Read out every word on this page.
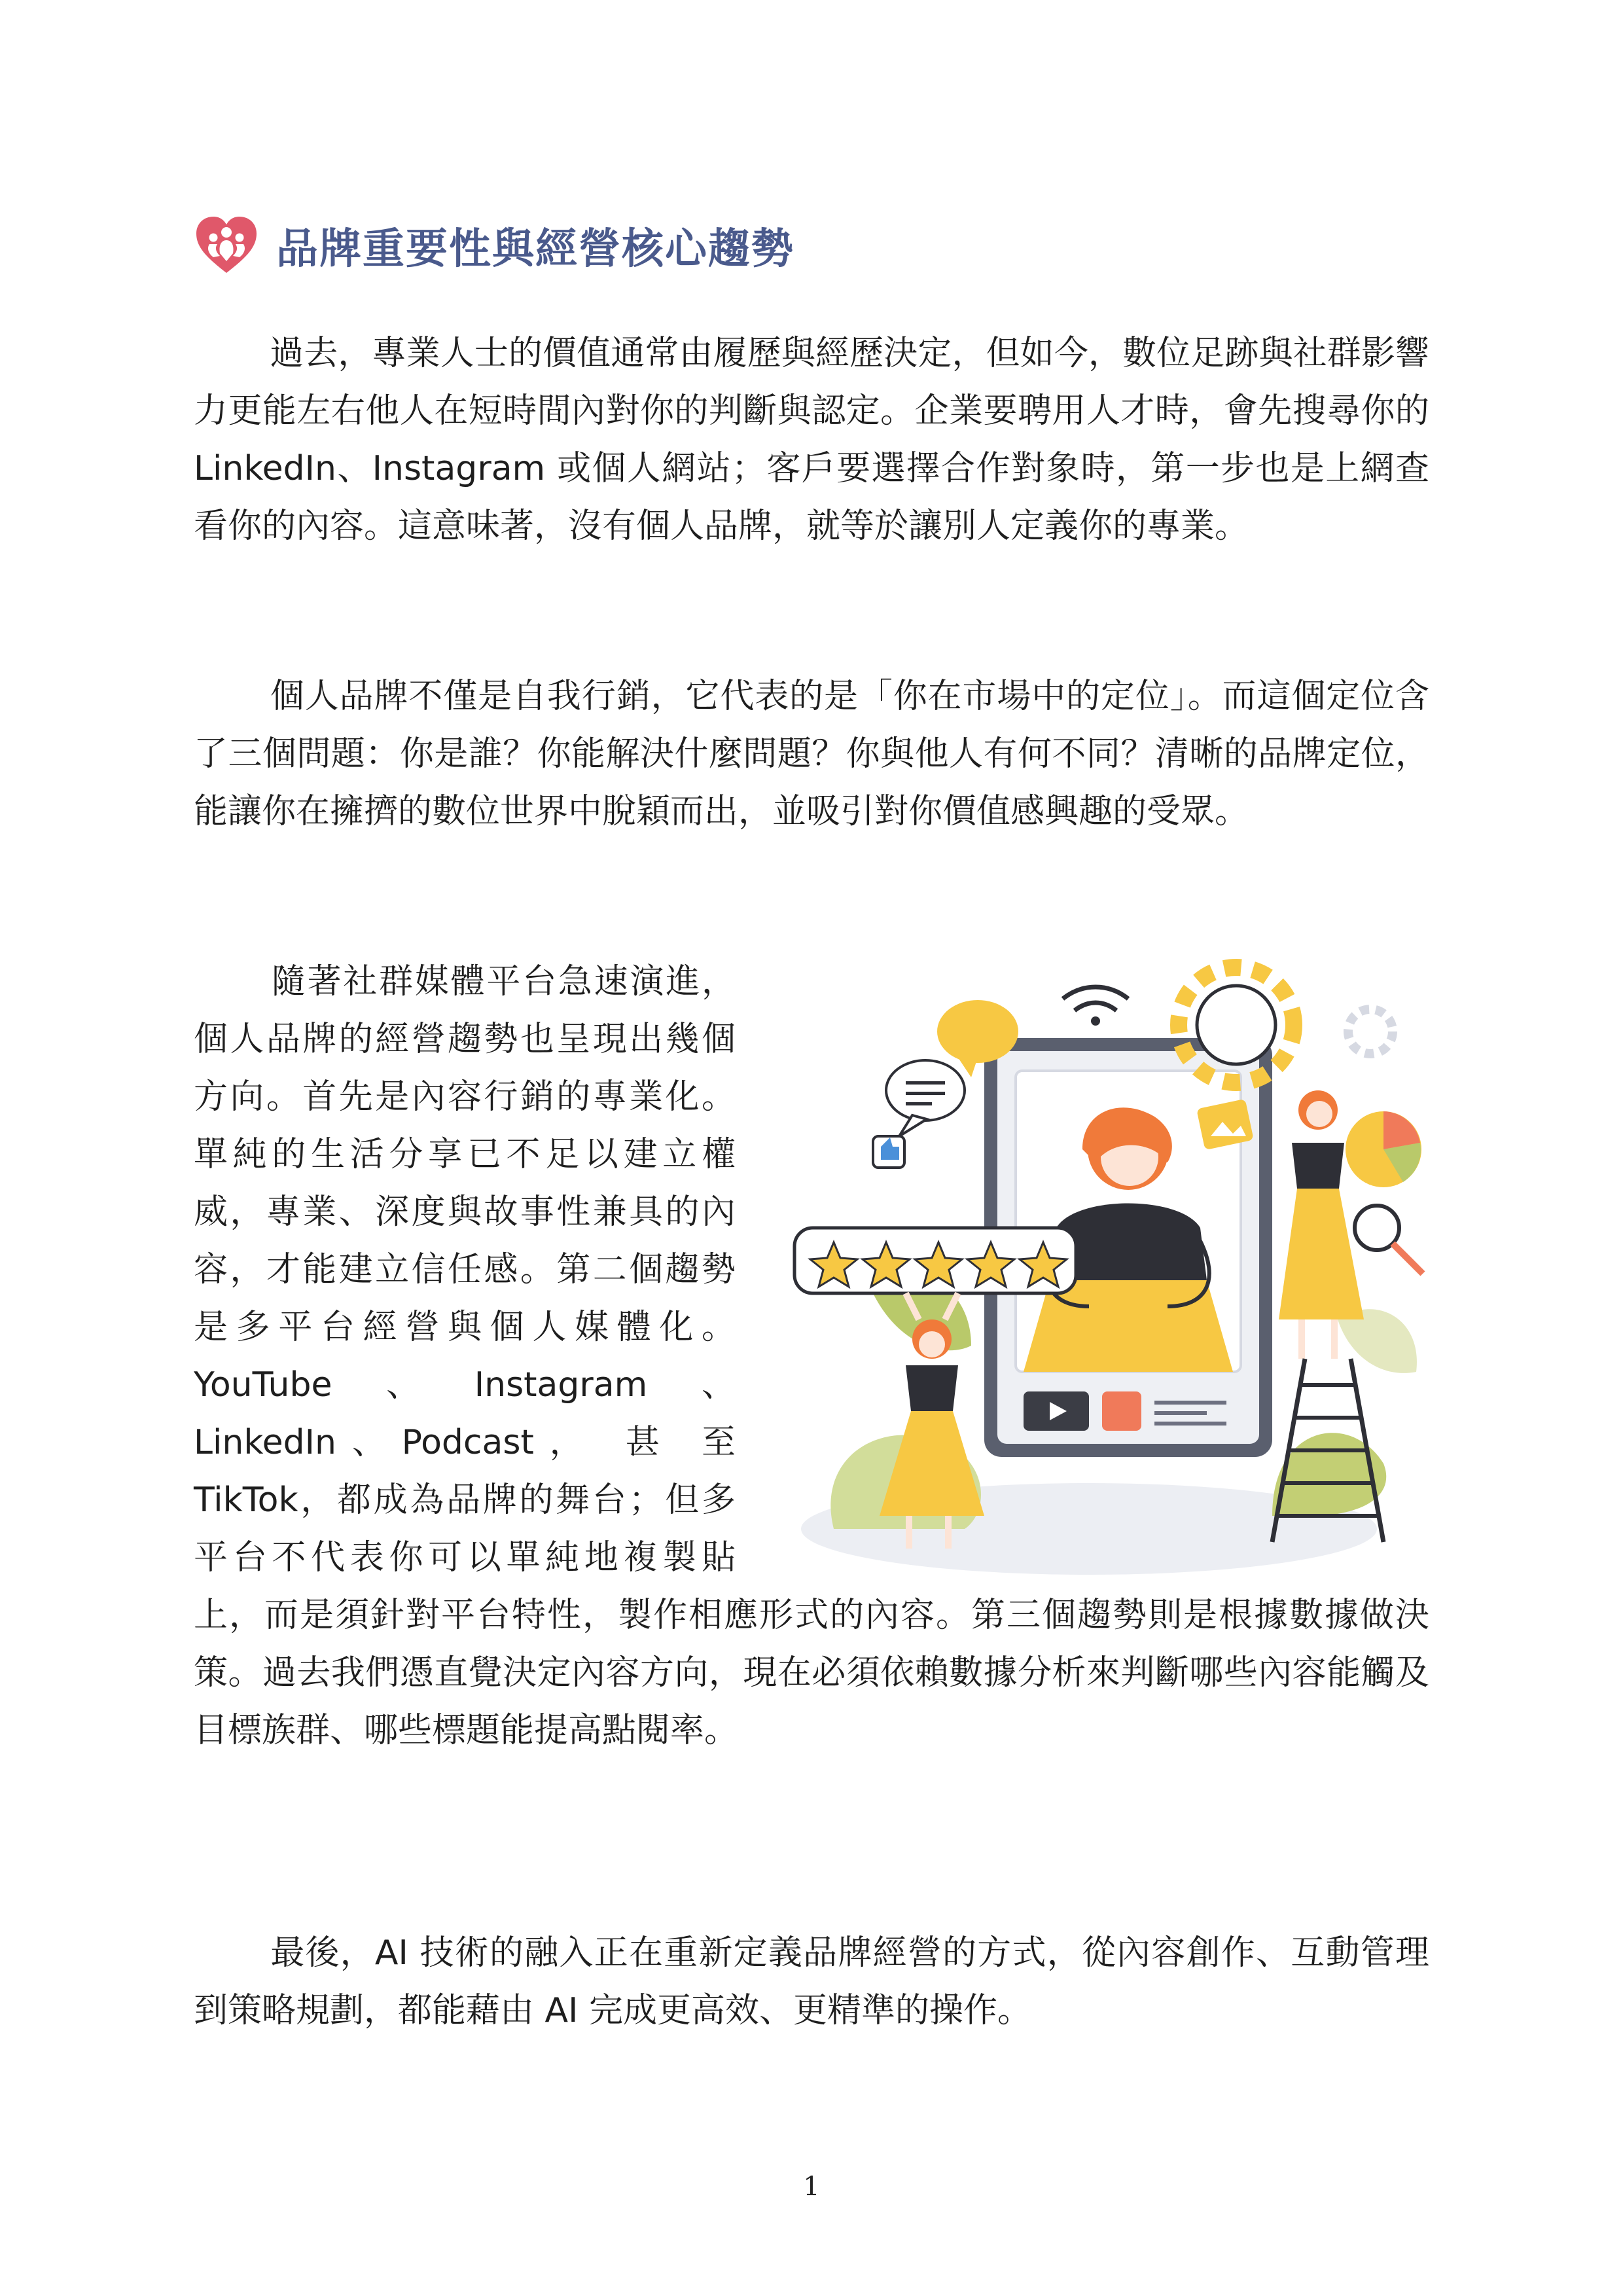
品牌重要性與經營核心趨勢

過去，專業人士的價值通常由履歷與經歷決定，但如今，數位足跡與社群影響力更能左右他人在短時間內對你的判斷與認定。企業要聘用人才時，會先搜尋你的 LinkedIn、Instagram 或個人網站；客戶要選擇合作對象時，第一步也是上網查看你的內容。這意味著，沒有個人品牌，就等於讓別人定義你的專業。

個人品牌不僅是自我行銷，它代表的是「你在市場中的定位」。而這個定位含了三個問題：你是誰？你能解決什麼問題？你與他人有何不同？清晰的品牌定位，能讓你在擁擠的數位世界中脫穎而出，並吸引對你價值感興趣的受眾。

隨著社群媒體平台急速演進，個人品牌的經營趨勢也呈現出幾個方向。首先是內容行銷的專業化。單純的生活分享已不足以建立權威，專業、深度與故事性兼具的內容，才能建立信任感。第二個趨勢是多平台經營與個人媒體化。YouTube、Instagram、LinkedIn、Podcast， 甚 至 TikTok，都成為品牌的舞台；但多平台不代表你可以單純地複製貼上，而是須針對平台特性，製作相應形式的內容。第三個趨勢則是根據數據做決策。過去我們憑直覺決定內容方向，現在必須依賴數據分析來判斷哪些內容能觸及目標族群、哪些標題能提高點閱率。

最後，AI 技術的融入正在重新定義品牌經營的方式，從內容創作、互動管理到策略規劃，都能藉由 AI 完成更高效、更精準的操作。

1
